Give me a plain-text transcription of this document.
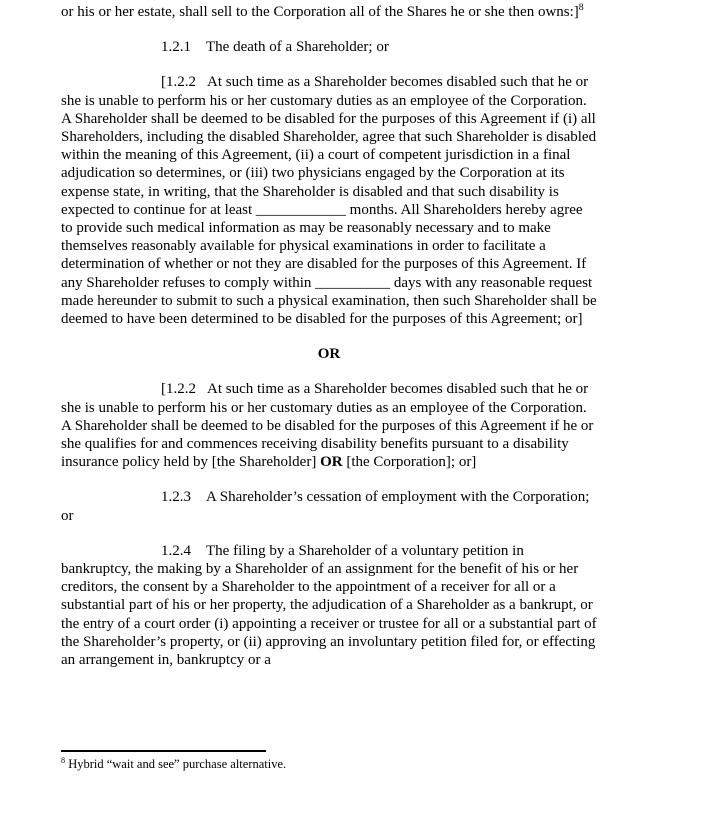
or his or her estate, shall sell to the Corporation all of the Shares he or she then owns:]$^8$

1.2.1 The death of a Shareholder; or

[1.2.2 At such time as a Shareholder becomes disabled such that he or she is unable to perform his or her customary duties as an employee of the Corporation. A Shareholder shall be deemed to be disabled for the purposes of this Agreement if (i) all Shareholders, including the disabled Shareholder, agree that such Shareholder is disabled within the meaning of this Agreement, (ii) a court of competent jurisdiction in a final adjudication so determines, or (iii) two physicians engaged by the Corporation at its expense state, in writing, that the Shareholder is disabled and that such disability is expected to continue for at least ____________ months. All Shareholders hereby agree to provide such medical information as may be reasonably necessary and to make themselves reasonably available for physical examinations in order to facilitate a determination of whether or not they are disabled for the purposes of this Agreement. If any Shareholder refuses to comply within __________ days with any reasonable request made hereunder to submit to such a physical examination, then such Shareholder shall be deemed to have been determined to be disabled for the purposes of this Agreement; or]

OR

[1.2.2 At such time as a Shareholder becomes disabled such that he or she is unable to perform his or her customary duties as an employee of the Corporation. A Shareholder shall be deemed to be disabled for the purposes of this Agreement if he or she qualifies for and commences receiving disability benefits pursuant to a disability insurance policy held by [the Shareholder] OR [the Corporation]; or]

1.2.3 A Shareholder’s cessation of employment with the Corporation; or

1.2.4 The filing by a Shareholder of a voluntary petition in bankruptcy, the making by a Shareholder of an assignment for the benefit of his or her creditors, the consent by a Shareholder to the appointment of a receiver for all or a substantial part of his or her property, the adjudication of a Shareholder as a bankrupt, or the entry of a court order (i) appointing a receiver or trustee for all or a substantial part of the Shareholder’s property, or (ii) approving an involuntary petition filed for, or effecting an arrangement in, bankruptcy or a

$^8$ Hybrid “wait and see” purchase alternative.
